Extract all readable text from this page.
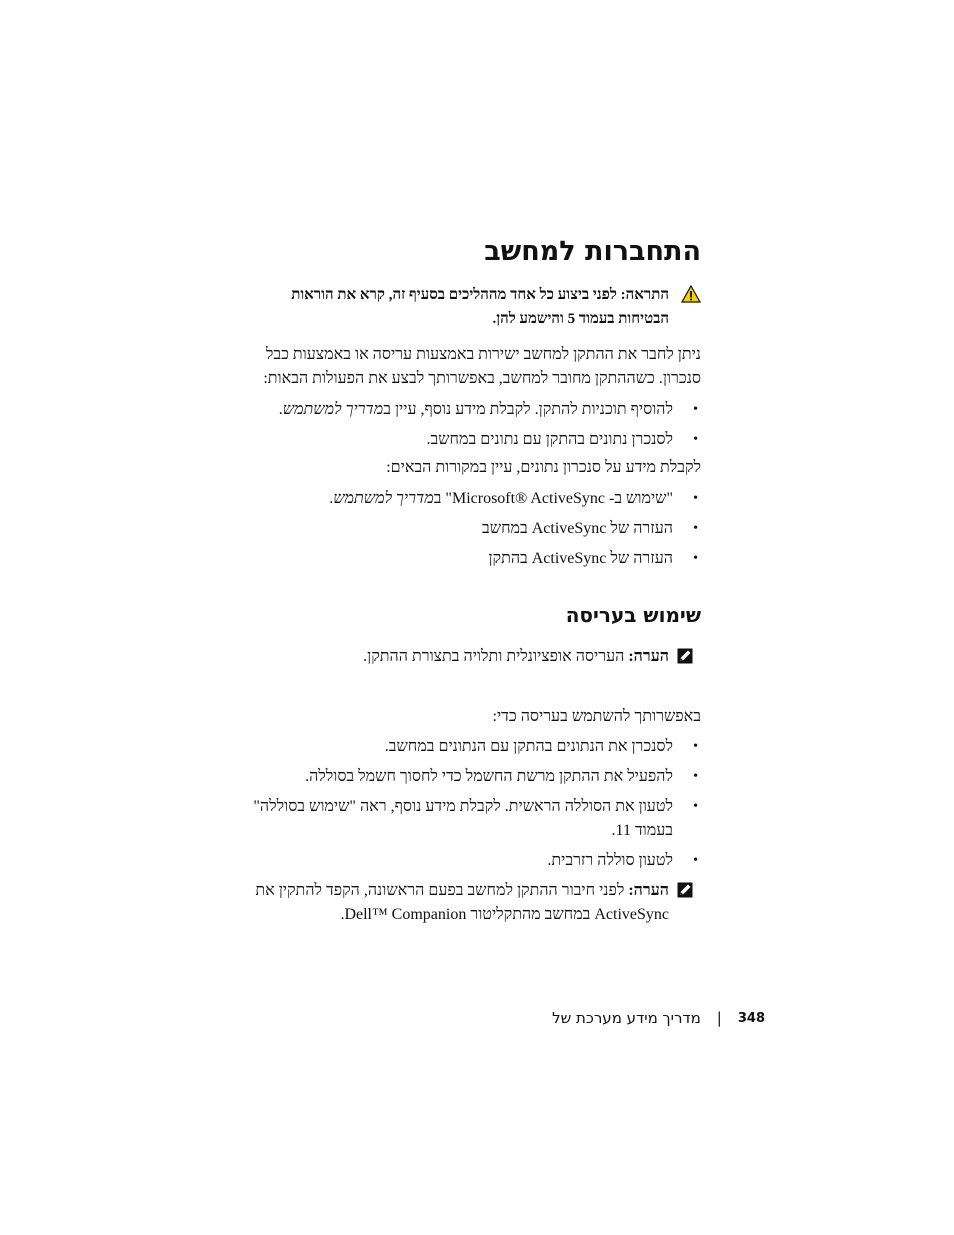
התחברות למחשב
התראה: לפני ביצוע כל אחד מההליכים בסעיף זה, קרא את הוראות הבטיחות בעמוד 5 והישמע להן.
ניתן לחבר את ההתקן למחשב ישירות באמצעות עריסה או באמצעות כבל
סנכרון. כשההתקן מחובר למחשב, באפשרותך לבצע את הפעולות הבאות:
•
להוסיף תוכניות להתקן. לקבלת מידע נוסף, עיין במדריך למשתמש.
•
לסנכרן נתונים בהתקן עם נתונים במחשב.
לקבלת מידע על סנכרון נתונים, עיין במקורות הבאים:
•
"שימוש ב- Microsoft® ActiveSync" במדריך למשתמש.
•
העזרה של ActiveSync במחשב
•
העזרה של ActiveSync בהתקן
שימוש בעריסה
הערה: העריסה אופציונלית ותלויה בתצורת ההתקן.
באפשרותך להשתמש בעריסה כדי:
•
לסנכרן את הנתונים בהתקן עם הנתונים במחשב.
•
להפעיל את ההתקן מרשת החשמל כדי לחסוך חשמל בסוללה.
•
לטעון את הסוללה הראשית. לקבלת מידע נוסף, ראה "שימוש בסוללה" בעמוד 11.
•
לטעון סוללה רזרבית.
הערה: לפני חיבור ההתקן למחשב בפעם הראשונה, הקפד להתקין את ActiveSync במחשב מהתקליטור Dell™ Companion.
מדריך מידע מערכת של | 348
